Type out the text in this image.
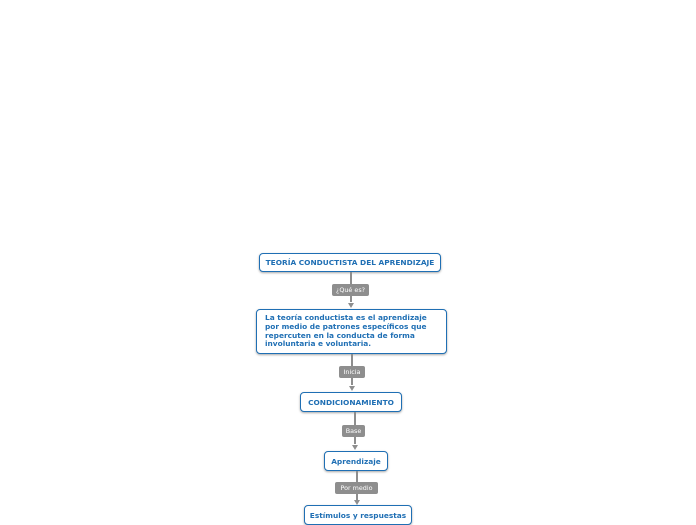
TEORÍA CONDUCTISTA DEL APRENDIZAJE
¿Qué es?
La teoría conductista es el aprendizaje por medio de patrones específicos que repercuten en la conducta de forma involuntaria e voluntaria.
Inicia
CONDICIONAMIENTO
Base
Aprendizaje
Por medio
Estímulos y respuestas
